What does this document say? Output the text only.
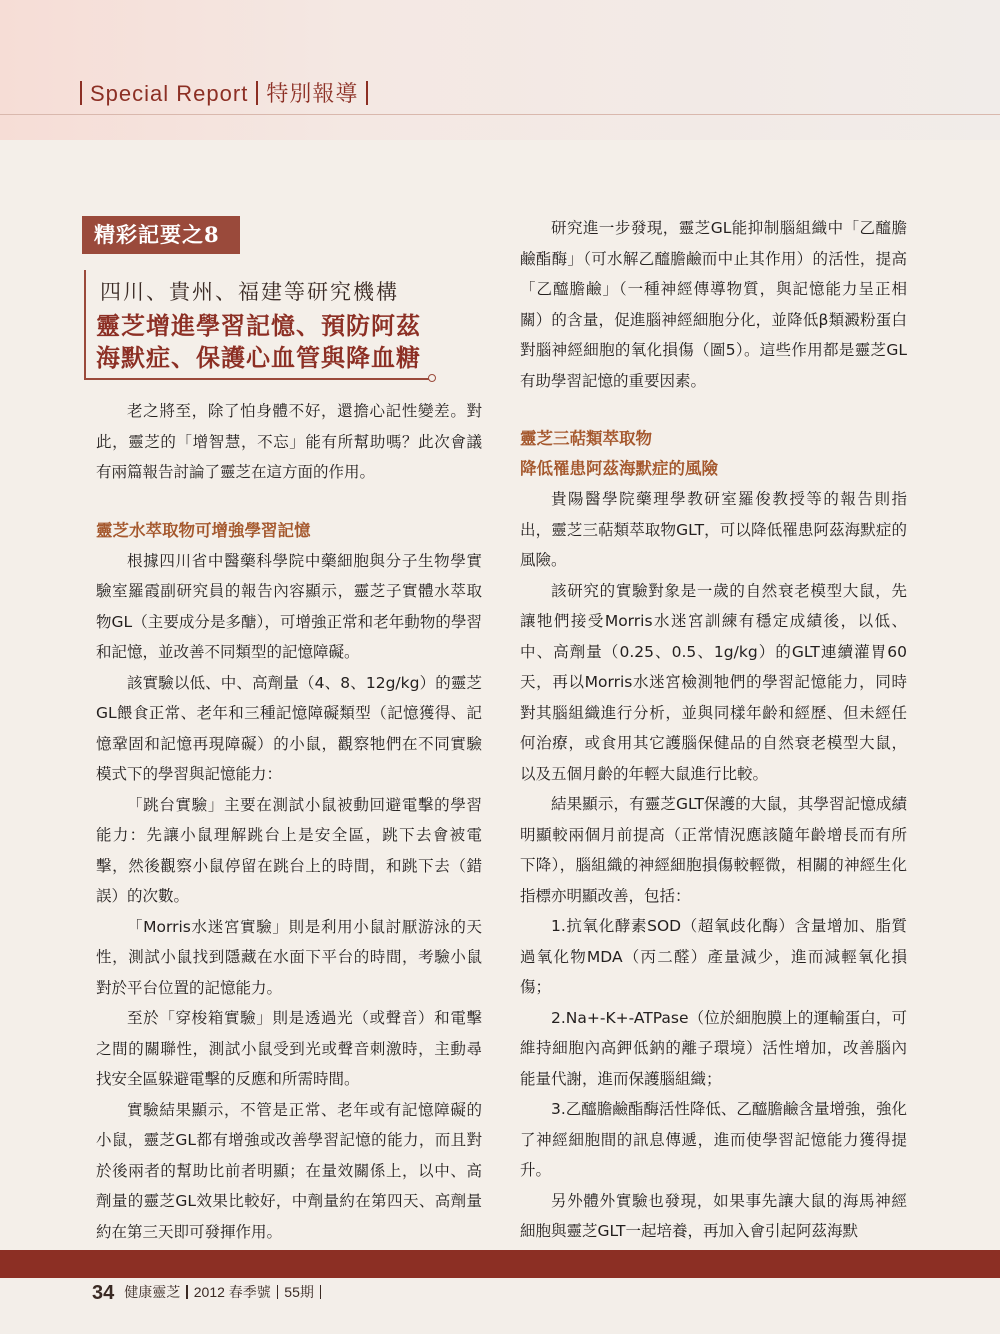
Special Report 特別報導
精彩記要之8
四川、貴州、福建等研究機構
靈芝增進學習記憶、預防阿茲
海默症、保護心血管與降血糖

老之將至，除了怕身體不好，還擔心記性變差。對此，靈芝的「增智慧，不忘」能有所幫助嗎？此次會議有兩篇報告討論了靈芝在這方面的作用。

靈芝水萃取物可增強學習記憶

根據四川省中醫藥科學院中藥細胞與分子生物學實驗室羅霞副研究員的報告內容顯示，靈芝子實體水萃取物GL（主要成分是多醣），可增強正常和老年動物的學習和記憶，並改善不同類型的記憶障礙。

該實驗以低、中、高劑量（4、8、12g/kg）的靈芝GL餵食正常、老年和三種記憶障礙類型（記憶獲得、記憶鞏固和記憶再現障礙）的小鼠，觀察牠們在不同實驗模式下的學習與記憶能力：

「跳台實驗」主要在測試小鼠被動回避電擊的學習能力：先讓小鼠理解跳台上是安全區，跳下去會被電擊，然後觀察小鼠停留在跳台上的時間，和跳下去（錯誤）的次數。

「Morris水迷宮實驗」則是利用小鼠討厭游泳的天性，測試小鼠找到隱藏在水面下平台的時間，考驗小鼠對於平台位置的記憶能力。

至於「穿梭箱實驗」則是透過光（或聲音）和電擊之間的關聯性，測試小鼠受到光或聲音刺激時，主動尋找安全區躲避電擊的反應和所需時間。

實驗結果顯示，不管是正常、老年或有記憶障礙的小鼠，靈芝GL都有增強或改善學習記憶的能力，而且對於後兩者的幫助比前者明顯；在量效關係上，以中、高劑量的靈芝GL效果比較好，中劑量約在第四天、高劑量約在第三天即可發揮作用。

研究進一步發現，靈芝GL能抑制腦組織中「乙醯膽鹼酯酶」（可水解乙醯膽鹼而中止其作用）的活性，提高「乙醯膽鹼」（一種神經傳導物質，與記憶能力呈正相關）的含量，促進腦神經細胞分化，並降低β類澱粉蛋白對腦神經細胞的氧化損傷（圖5）。這些作用都是靈芝GL有助學習記憶的重要因素。

靈芝三萜類萃取物
降低罹患阿茲海默症的風險

貴陽醫學院藥理學教研室羅俊教授等的報告則指出，靈芝三萜類萃取物GLT，可以降低罹患阿茲海默症的風險。

該研究的實驗對象是一歲的自然衰老模型大鼠，先讓牠們接受Morris水迷宮訓練有穩定成績後，以低、中、高劑量（0.25、0.5、1g/kg）的GLT連續灌胃60天，再以Morris水迷宮檢測牠們的學習記憶能力，同時對其腦組織進行分析，並與同樣年齡和經歷、但未經任何治療，或食用其它護腦保健品的自然衰老模型大鼠，以及五個月齡的年輕大鼠進行比較。

結果顯示，有靈芝GLT保護的大鼠，其學習記憶成績明顯較兩個月前提高（正常情況應該隨年齡增長而有所下降），腦組織的神經細胞損傷較輕微，相關的神經生化指標亦明顯改善，包括：

1.抗氧化酵素SOD（超氧歧化酶）含量增加、脂質過氧化物MDA（丙二醛）產量減少，進而減輕氧化損傷；

2.Na+-K+-ATPase（位於細胞膜上的運輸蛋白，可維持細胞內高鉀低鈉的離子環境）活性增加，改善腦內能量代謝，進而保護腦組織；

3.乙醯膽鹼酯酶活性降低、乙醯膽鹼含量增強，強化了神經細胞間的訊息傳遞，進而使學習記憶能力獲得提升。

另外體外實驗也發現，如果事先讓大鼠的海馬神經細胞與靈芝GLT一起培養，再加入會引起阿茲海默

34 健康靈芝 2012 春季號 55期
